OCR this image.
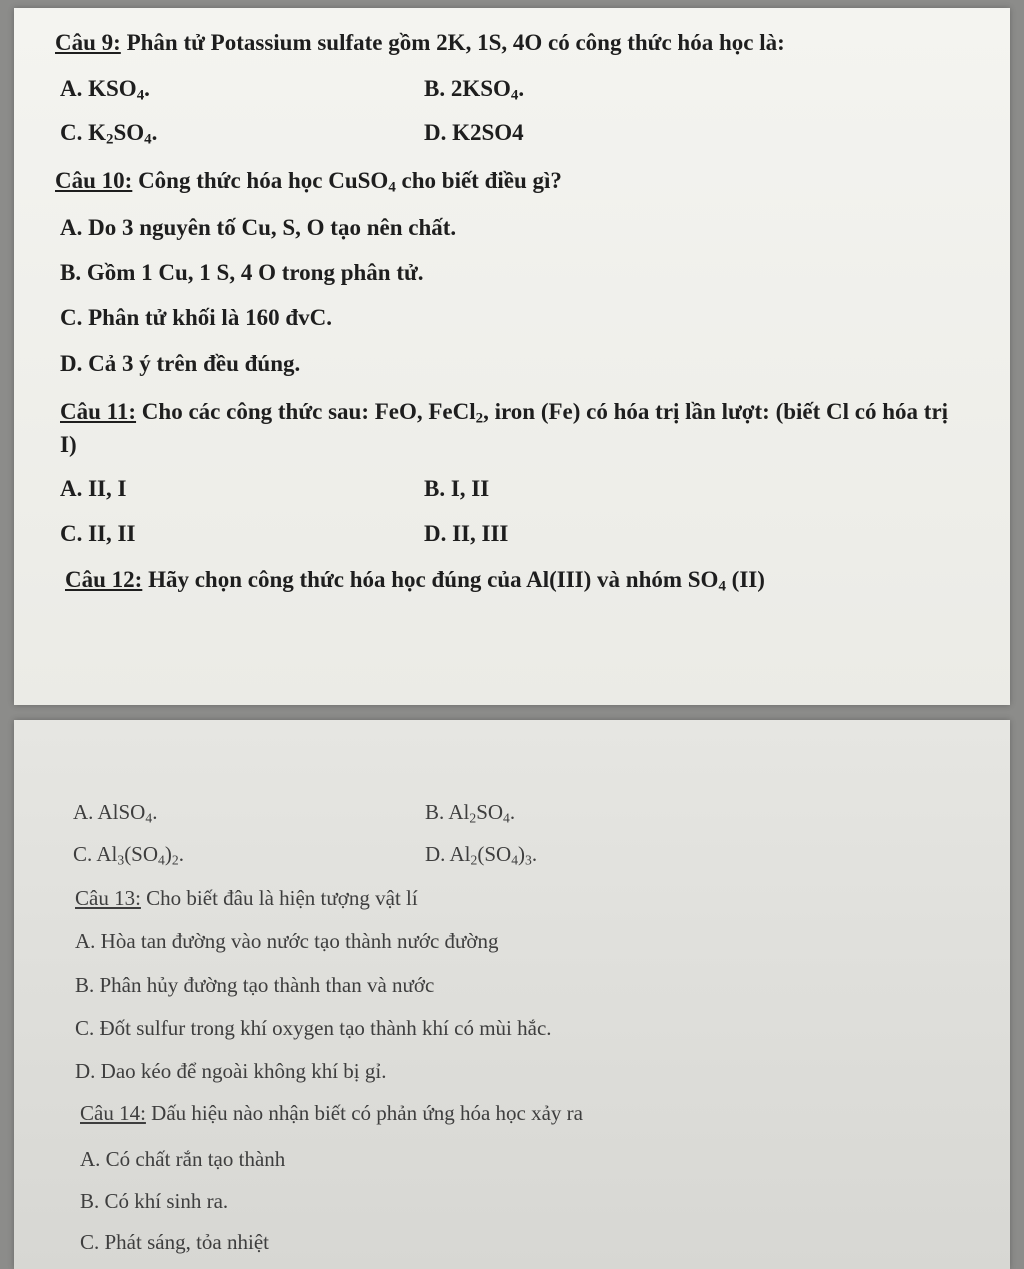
Câu 9: Phân tử Potassium sulfate gồm 2K, 1S, 4O có công thức hóa học là:
A. $KSO_4$.	B. $2KSO_4$.
C. $K_2SO_4$.	D. K2SO4
Câu 10: Công thức hóa học CuSO$_4$ cho biết điều gì?
A. Do 3 nguyên tố Cu, S, O tạo nên chất.
B. Gồm 1 Cu, 1 S, 4 O trong phân tử.
C. Phân tử khối là 160 đvC.
D. Cả 3 ý trên đều đúng.
Câu 11: Cho các công thức sau: FeO, FeCl$_2$, iron (Fe) có hóa trị lần lượt: (biết Cl có hóa trị
I)
A. II, I	B. I, II
C. II, II	D. II, III
Câu 12: Hãy chọn công thức hóa học đúng của Al(III) và nhóm $SO_4$ (II)
A. AlSO$_4$.	B. $Al_2SO_4$.
C. $Al_3(SO_4)_2$.	D. $Al_2(SO_4)_3$.
Câu 13: Cho biết đâu là hiện tượng vật lí
A. Hòa tan đường vào nước tạo thành nước đường
B. Phân hủy đường tạo thành than và nước
C. Đốt sulfur trong khí oxygen tạo thành khí có mùi hắc.
D. Dao kéo để ngoài không khí bị gỉ.
Câu 14: Dấu hiệu nào nhận biết có phản ứng hóa học xảy ra
A. Có chất rắn tạo thành
B. Có khí sinh ra.
C. Phát sáng, tỏa nhiệt
